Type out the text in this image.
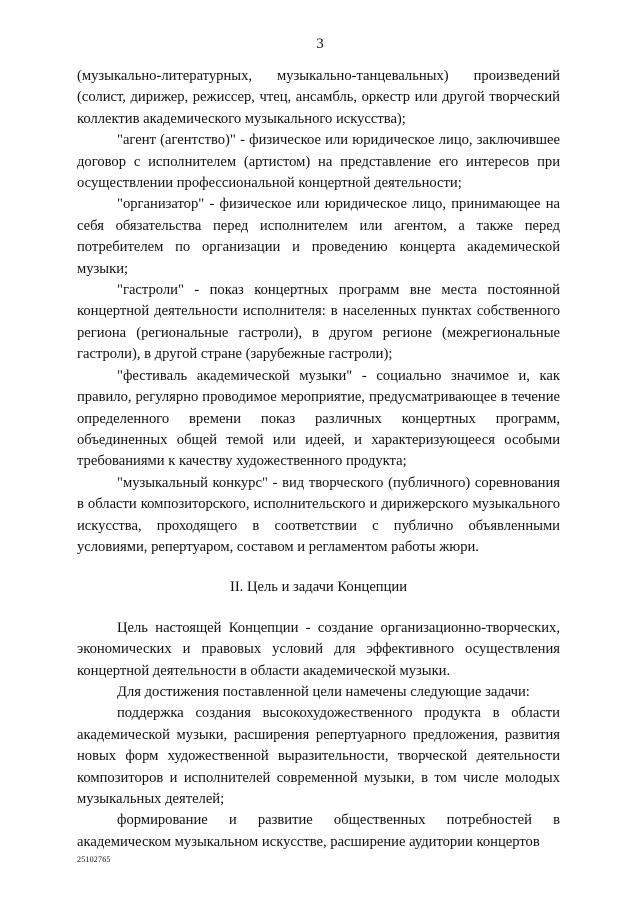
3

(музыкально-литературных, музыкально-танцевальных) произведений (солист, дирижер, режиссер, чтец, ансамбль, оркестр или другой творческий коллектив академического музыкального искусства);

"агент (агентство)" - физическое или юридическое лицо, заключившее договор с исполнителем (артистом) на представление его интересов при осуществлении профессиональной концертной деятельности;

"организатор" - физическое или юридическое лицо, принимающее на себя обязательства перед исполнителем или агентом, а также перед потребителем по организации и проведению концерта академической музыки;

"гастроли" - показ концертных программ вне места постоянной концертной деятельности исполнителя: в населенных пунктах собственного региона (региональные гастроли), в другом регионе (межрегиональные гастроли), в другой стране (зарубежные гастроли);

"фестиваль академической музыки" - социально значимое и, как правило, регулярно проводимое мероприятие, предусматривающее в течение определенного времени показ различных концертных программ, объединенных общей темой или идеей, и характеризующееся особыми требованиями к качеству художественного продукта;

"музыкальный конкурс" - вид творческого (публичного) соревнования в области композиторского, исполнительского и дирижерского музыкального искусства, проходящего в соответствии с публично объявленными условиями, репертуаром, составом и регламентом работы жюри.

II. Цель и задачи Концепции

Цель настоящей Концепции - создание организационно-творческих, экономических и правовых условий для эффективного осуществления концертной деятельности в области академической музыки.

Для достижения поставленной цели намечены следующие задачи:

поддержка создания высокохудожественного продукта в области академической музыки, расширения репертуарного предложения, развития новых форм художественной выразительности, творческой деятельности композиторов и исполнителей современной музыки, в том числе молодых музыкальных деятелей;

формирование и развитие общественных потребностей в академическом музыкальном искусстве, расширение аудитории концертов

25102765
